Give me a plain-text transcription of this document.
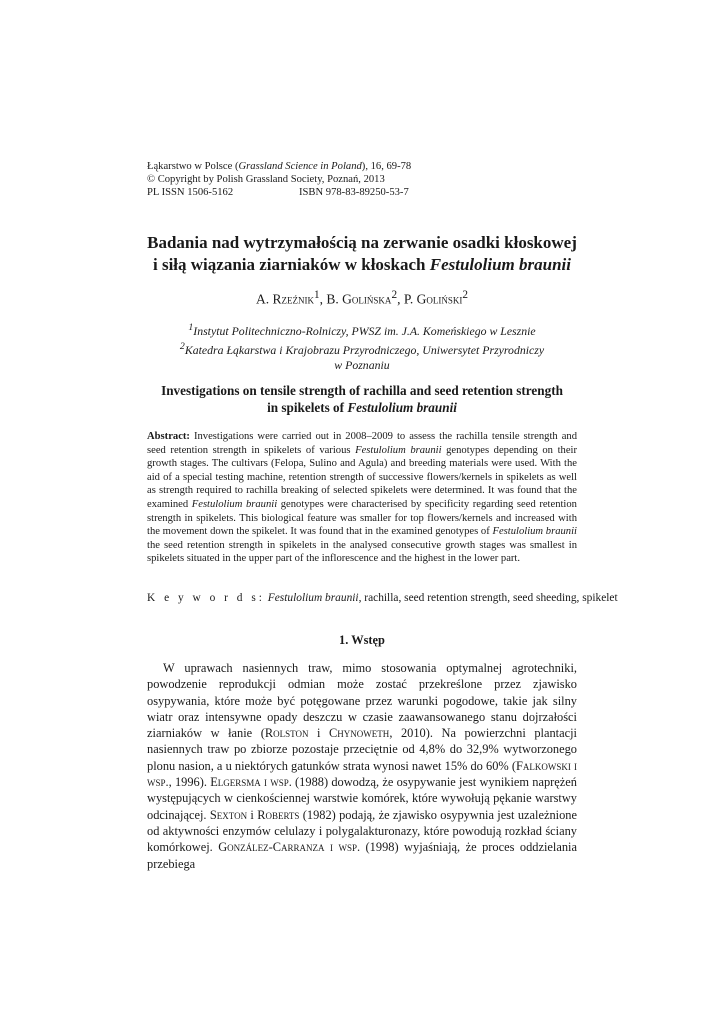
Łąkarstwo w Polsce (Grassland Science in Poland), 16, 69-78
© Copyright by Polish Grassland Society, Poznań, 2013
PL ISSN 1506-5162	ISBN 978-83-89250-53-7
Badania nad wytrzymałością na zerwanie osadki kłoskowej
i siłą wiązania ziarniaków w kłoskach Festulolium braunii
A. Rzeźnik$^1$, B. Golińska$^2$, P. Goliński$^2$
$^1$Instytut Politechniczno-Rolniczy, PWSZ im. J.A. Komeńskiego w Lesznie
$^2$Katedra Łąkarstwa i Krajobrazu Przyrodniczego, Uniwersytet Przyrodniczy
w Poznaniu
Investigations on tensile strength of rachilla and seed retention strength
in spikelets of Festulolium braunii
Abstract: Investigations were carried out in 2008–2009 to assess the rachilla tensile strength and seed retention strength in spikelets of various Festulolium braunii genotypes depending on their growth stages. The cultivars (Felopa, Sulino and Agula) and breeding materials were used. With the aid of a special testing machine, retention strength of successive flowers/kernels in spikelets as well as strength required to rachilla breaking of selected spikelets were determined. It was found that the examined Festulolium braunii genotypes were characterised by specificity regarding seed retention strength in spikelets. This biological feature was smaller for top flowers/kernels and increased with the movement down the spikelet. It was found that in the examined genotypes of Festulolium braunii the seed retention strength in spikelets in the analysed consecutive growth stages was smallest in spikelets situated in the upper part of the inflorescence and the highest in the lower part.
K e y w o r d s: Festulolium braunii, rachilla, seed retention strength, seed sheeding, spikelet
1. Wstęp

W uprawach nasiennych traw, mimo stosowania optymalnej agrotechniki, powodzenie reprodukcji odmian może zostać przekreślone przez zjawisko osypywania, które może być potęgowane przez warunki pogodowe, takie jak silny wiatr oraz intensywne opady deszczu w czasie zaawansowanego stanu dojrzałości ziarniaków w łanie (Rolston i Chynoweth, 2010). Na powierzchni plantacji nasiennych traw po zbiorze pozostaje przeciętnie od 4,8% do 32,9% wytworzonego plonu nasion, a u niektórych gatunków strata wynosi nawet 15% do 60% (Falkowski i wsp., 1996). Elgersma i wsp. (1988) dowodzą, że osypywanie jest wynikiem naprężeń występujących w cienkościennej warstwie komórek, które wywołują pękanie warstwy odcinającej. Sexton i Roberts (1982) podają, że zjawisko osypywnia jest uzależnione od aktywności enzymów celulazy i polygalakturonazy, które powodują rozkład ściany komórkowej. González-Carranza i wsp. (1998) wyjaśniają, że proces oddzielania przebiega
